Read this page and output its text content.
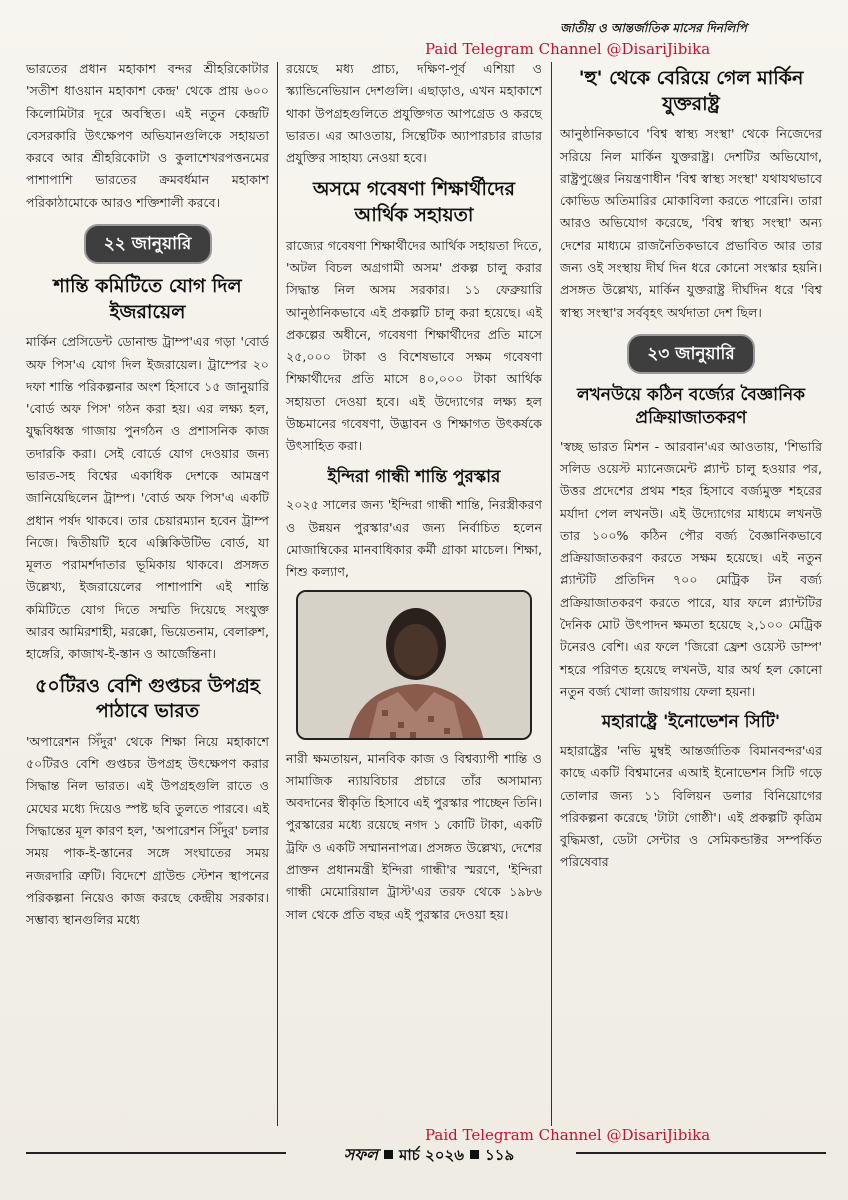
জাতীয় ও আন্তর্জাতিক মাসের দিনলিপি
Paid Telegram Channel @DisariJibika

ভারতের প্রধান মহাকাশ বন্দর শ্রীহরিকোটার 'সতীশ ধাওয়ান মহাকাশ কেন্দ্র' থেকে প্রায় ৬০০ কিলোমিটার দূরে অবস্থিত। এই নতুন কেন্দ্রটি বেসরকারি উৎক্ষেপণ অভিযানগুলিকে সহায়তা করবে আর শ্রীহরিকোটা ও কুলাশেখরপত্তনমের পাশাপাশি ভারতের ক্রমবর্ধমান মহাকাশ পরিকাঠামোকে আরও শক্তিশালী করবে।

২২ জানুয়ারি
শান্তি কমিটিতে যোগ দিল ইজরায়েল

মার্কিন প্রেসিডেন্ট ডোনাল্ড ট্রাম্প'এর গড়া 'বোর্ড অফ পিস'এ যোগ দিল ইজরায়েল। ট্রাম্পের ২০ দফা শান্তি পরিকল্পনার অংশ হিসাবে ১৫ জানুয়ারি 'বোর্ড অফ পিস' গঠন করা হয়। এর লক্ষ্য হল, যুদ্ধবিধ্বস্ত গাজায় পুনর্গঠন ও প্রশাসনিক কাজ তদারকি করা। সেই বোর্ডে যোগ দেওয়ার জন্য ভারত-সহ বিশ্বের একাধিক দেশকে আমন্ত্রণ জানিয়েছিলেন ট্রাম্প। 'বোর্ড অফ পিস'এ একটি প্রধান পর্ষদ থাকবে। তার চেয়ারম্যান হবেন ট্রাম্প নিজে। দ্বিতীয়টি হবে এক্সিকিউটিভ বোর্ড, যা মূলত পরামর্শদাতার ভূমিকায় থাকবে। প্রসঙ্গত উল্লেখ্য, ইজরায়েলের পাশাপাশি এই শান্তি কমিটিতে যোগ দিতে সম্মতি দিয়েছে সংযুক্ত আরব আমিরশাহী, মরক্কো, ভিয়েতনাম, বেলারুশ, হাঙ্গেরি, কাজাখ-ই-স্তান ও আর্জেন্তিনা।

৫০টিরও বেশি গুপ্তচর উপগ্রহ পাঠাবে ভারত

'অপারেশন সিঁদুর' থেকে শিক্ষা নিয়ে মহাকাশে ৫০টিরও বেশি গুপ্তচর উপগ্রহ উৎক্ষেপণ করার সিদ্ধান্ত নিল ভারত। এই উপগ্রহগুলি রাতে ও মেঘের মধ্যে দিয়েও স্পষ্ট ছবি তুলতে পারবে। এই সিদ্ধান্তের মূল কারণ হল, 'অপারেশন সিঁদুর' চলার সময় পাক-ই-স্তানের সঙ্গে সংঘাতের সময় নজরদারি ত্রুটি। বিদেশে গ্রাউন্ড স্টেশন স্থাপনের পরিকল্পনা নিয়েও কাজ করছে কেন্দ্রীয় সরকার। সম্ভাব্য স্থানগুলির মধ্যে

রয়েছে মধ্য প্রাচ্য, দক্ষিণ-পূর্ব এশিয়া ও স্ক্যান্ডিনেভিয়ান দেশগুলি। এছাড়াও, এখন মহাকাশে থাকা উপগ্রহগুলিতে প্রযুক্তিগত আপগ্রেড ও করছে ভারত। এর আওতায়, সিন্থেটিক অ্যাপারচার রাডার প্রযুক্তির সাহায্য নেওয়া হবে।

অসমে গবেষণা শিক্ষার্থীদের আর্থিক সহায়তা

রাজ্যের গবেষণা শিক্ষার্থীদের আর্থিক সহায়তা দিতে, 'অটল বিচল অগ্রগামী অসম' প্রকল্প চালু করার সিদ্ধান্ত নিল অসম সরকার। ১১ ফেব্রুয়ারি আনুষ্ঠানিকভাবে এই প্রকল্পটি চালু করা হয়েছে। এই প্রকল্পের অধীনে, গবেষণা শিক্ষার্থীদের প্রতি মাসে ২৫,০০০ টাকা ও বিশেষভাবে সক্ষম গবেষণা শিক্ষার্থীদের প্রতি মাসে ৪০,০০০ টাকা আর্থিক সহায়তা দেওয়া হবে। এই উদ্যোগের লক্ষ্য হল উচ্চমানের গবেষণা, উদ্ভাবন ও শিক্ষাগত উৎকর্ষকে উৎসাহিত করা।

ইন্দিরা গান্ধী শান্তি পুরস্কার

২০২৫ সালের জন্য 'ইন্দিরা গান্ধী শান্তি, নিরস্ত্রীকরণ ও উন্নয়ন পুরস্কার'এর জন্য নির্বাচিত হলেন মোজাম্বিকের মানবাধিকার কর্মী গ্রাকা মাচেল। শিক্ষা, শিশু কল্যাণ,

নারী ক্ষমতায়ন, মানবিক কাজ ও বিশ্বব্যাপী শান্তি ও সামাজিক ন্যায়বিচার প্রচারে তাঁর অসামান্য অবদানের স্বীকৃতি হিসাবে এই পুরস্কার পাচ্ছেন তিনি। পুরস্কারের মধ্যে রয়েছে নগদ ১ কোটি টাকা, একটি ট্রফি ও একটি সম্মাননাপত্র। প্রসঙ্গত উল্লেখ্য, দেশের প্রাক্তন প্রধানমন্ত্রী ইন্দিরা গান্ধী'র স্মরণে, 'ইন্দিরা গান্ধী মেমোরিয়াল ট্রাস্ট'এর তরফ থেকে ১৯৮৬ সাল থেকে প্রতি বছর এই পুরস্কার দেওয়া হয়।

'হু' থেকে বেরিয়ে গেল মার্কিন যুক্তরাষ্ট্র

আনুষ্ঠানিকভাবে 'বিশ্ব স্বাস্থ্য সংস্থা' থেকে নিজেদের সরিয়ে নিল মার্কিন যুক্তরাষ্ট্র। দেশটির অভিযোগ, রাষ্ট্রপুঞ্জের নিয়ন্ত্রণাধীন 'বিশ্ব স্বাস্থ্য সংস্থা' যথাযথভাবে কোভিড অতিমারির মোকাবিলা করতে পারেনি। তারা আরও অভিযোগ করেছে, 'বিশ্ব স্বাস্থ্য সংস্থা' অন্য দেশের মাধ্যমে রাজনৈতিকভাবে প্রভাবিত আর তার জন্য ওই সংস্থায় দীর্ঘ দিন ধরে কোনো সংস্কার হয়নি। প্রসঙ্গত উল্লেখ্য, মার্কিন যুক্তরাষ্ট্র দীর্ঘদিন ধরে 'বিশ্ব স্বাস্থ্য সংস্থা'র সর্ববৃহৎ অর্থদাতা দেশ ছিল।

২৩ জানুয়ারি
লখনউয়ে কঠিন বর্জ্যের বৈজ্ঞানিক প্রক্রিয়াজাতকরণ

'স্বচ্ছ ভারত মিশন - আরবান'এর আওতায়, 'শিভারি সলিড ওয়েস্ট ম্যানেজমেন্ট প্ল্যান্ট চালু হওয়ার পর, উত্তর প্রদেশের প্রথম শহর হিসাবে বর্জ্যমুক্ত শহরের মর্যাদা পেল লখনউ। এই উদ্যোগের মাধ্যমে লখনউ তার ১০০% কঠিন পৌর বর্জ্য বৈজ্ঞানিকভাবে প্রক্রিয়াজাতকরণ করতে সক্ষম হয়েছে। এই নতুন প্ল্যান্টটি প্রতিদিন ৭০০ মেট্রিক টন বর্জ্য প্রক্রিয়াজাতকরণ করতে পারে, যার ফলে প্ল্যান্টটির দৈনিক মোট উৎপাদন ক্ষমতা হয়েছে ২,১০০ মেট্রিক টনেরও বেশি। এর ফলে 'জিরো ফ্রেশ ওয়েস্ট ডাম্প' শহরে পরিণত হয়েছে লখনউ, যার অর্থ হল কোনো নতুন বর্জ্য খোলা জায়গায় ফেলা হয়না।

মহারাষ্ট্রে 'ইনোভেশন সিটি'

মহারাষ্ট্রের 'নভি মুম্বই আন্তর্জাতিক বিমানবন্দর'এর কাছে একটি বিশ্বমানের এআই ইনোভেশন সিটি গড়ে তোলার জন্য ১১ বিলিয়ন ডলার বিনিয়োগের পরিকল্পনা করেছে 'টাটা গোষ্ঠী'। এই প্রকল্পটি কৃত্রিম বুদ্ধিমত্তা, ডেটা সেন্টার ও সেমিকন্ডাক্টর সম্পর্কিত পরিষেবার

Paid Telegram Channel @DisariJibika
সফল মার্চ ২০২৬ ১১৯
